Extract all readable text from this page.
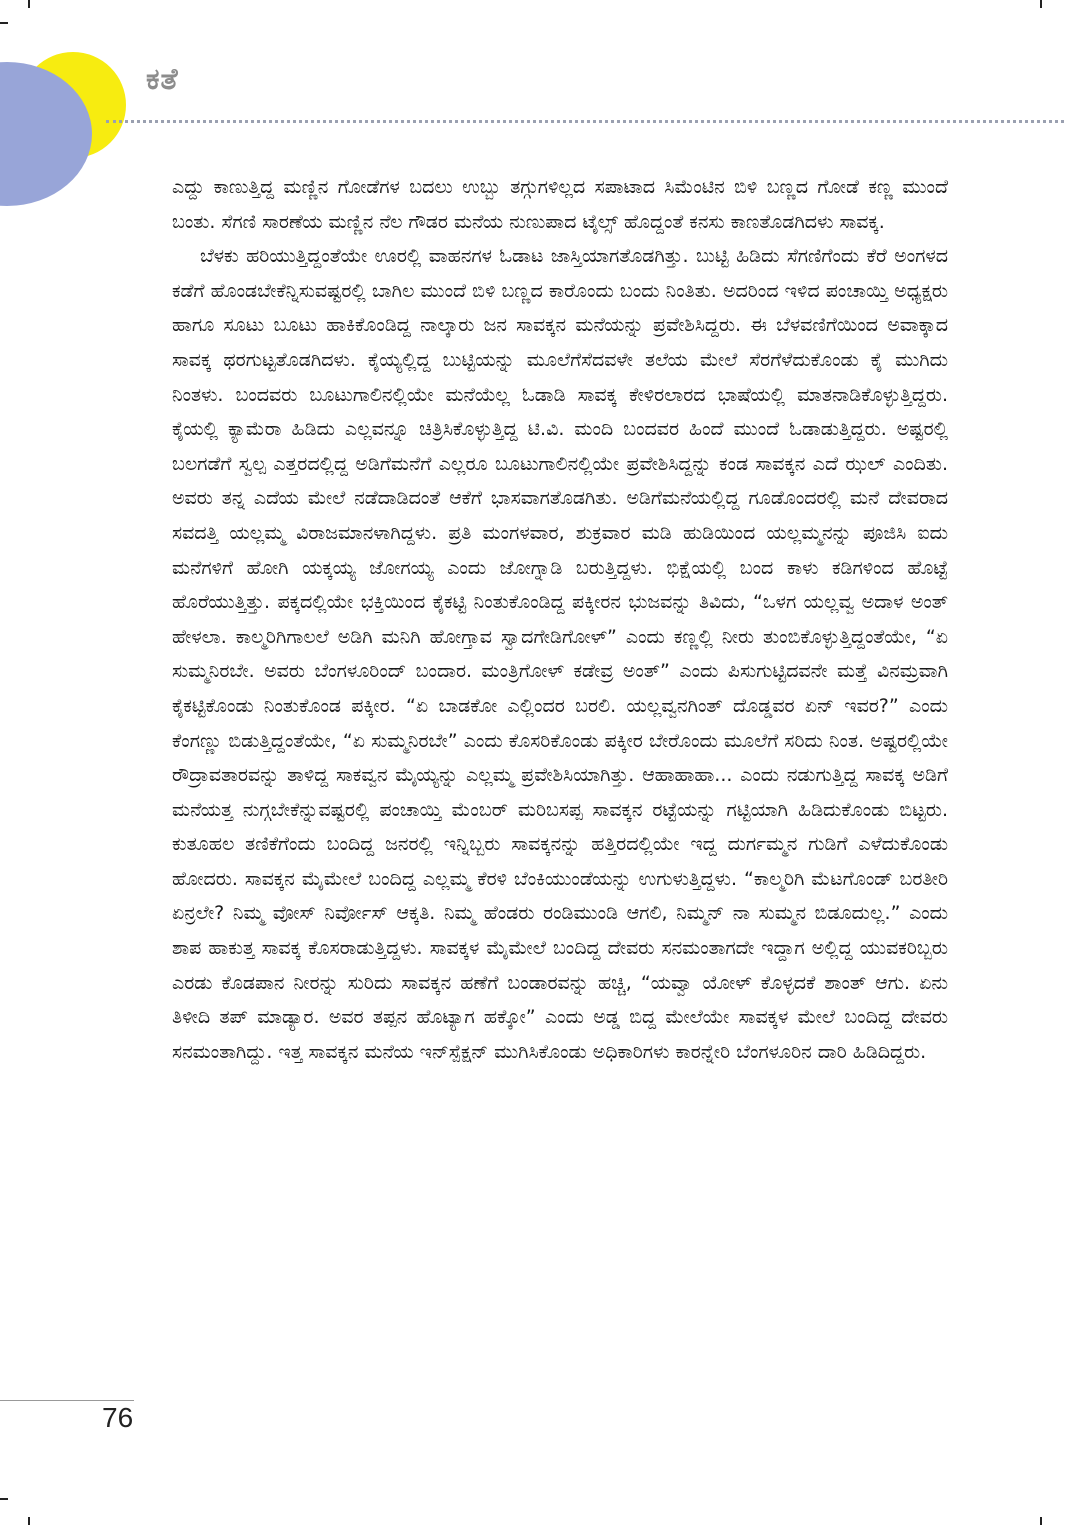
ಕತೆ

ಎದ್ದು ಕಾಣುತ್ತಿದ್ದ ಮಣ್ಣಿನ ಗೋಡೆಗಳ ಬದಲು ಉಬ್ಬು ತಗ್ಗುಗಳಿಲ್ಲದ ಸಪಾಟಾದ ಸಿಮೆಂಟಿನ ಬಿಳಿ ಬಣ್ಣದ ಗೋಡೆ ಕಣ್ಣ ಮುಂದೆ ಬಂತು. ಸೆಗಣಿ ಸಾರಣೆಯ ಮಣ್ಣಿನ ನೆಲ ಗೌಡರ ಮನೆಯ ನುಣುಪಾದ ಟೈಲ್ಸ್ ಹೊದ್ದಂತೆ ಕನಸು ಕಾಣತೊಡಗಿದಳು ಸಾವಕ್ಕ.

ಬೆಳಕು ಹರಿಯುತ್ತಿದ್ದಂತೆಯೇ ಊರಲ್ಲಿ ವಾಹನಗಳ ಓಡಾಟ ಜಾಸ್ತಿಯಾಗತೊಡಗಿತ್ತು. ಬುಟ್ಟಿ ಹಿಡಿದು ಸೆಗಣಿಗೆಂದು ಕೆರೆ ಅಂಗಳದ ಕಡೆಗೆ ಹೊಂಡಬೇಕೆನ್ನಿಸುವಷ್ಟರಲ್ಲಿ ಬಾಗಿಲ ಮುಂದೆ ಬಿಳಿ ಬಣ್ಣದ ಕಾರೊಂದು ಬಂದು ನಿಂತಿತು. ಅದರಿಂದ ಇಳಿದ ಪಂಚಾಯ್ತಿ ಅಧ್ಯಕ್ಷರು ಹಾಗೂ ಸೂಟು ಬೂಟು ಹಾಕಿಕೊಂಡಿದ್ದ ನಾಲ್ಕಾರು ಜನ ಸಾವಕ್ಕನ ಮನೆಯನ್ನು ಪ್ರವೇಶಿಸಿದ್ದರು. ಈ ಬೆಳವಣಿಗೆಯಿಂದ ಅವಾಕ್ಕಾದ ಸಾವಕ್ಕ ಥರಗುಟ್ಟತೊಡಗಿದಳು. ಕೈಯ್ಯಲ್ಲಿದ್ದ ಬುಟ್ಟಿಯನ್ನು ಮೂಲೆಗೆಸೆದವಳೇ ತಲೆಯ ಮೇಲೆ ಸೆರಗೆಳೆದುಕೊಂಡು ಕೈ ಮುಗಿದು ನಿಂತಳು. ಬಂದವರು ಬೂಟುಗಾಲಿನಲ್ಲಿಯೇ ಮನೆಯೆಲ್ಲ ಓಡಾಡಿ ಸಾವಕ್ಕ ಕೇಳಿರಲಾರದ ಭಾಷೆಯಲ್ಲಿ ಮಾತನಾಡಿಕೊಳ್ಳುತ್ತಿದ್ದರು. ಕೈಯಲ್ಲಿ ಕ್ಯಾಮೆರಾ ಹಿಡಿದು ಎಲ್ಲವನ್ನೂ ಚಿತ್ರಿಸಿಕೊಳ್ಳುತ್ತಿದ್ದ ಟಿ.ವಿ. ಮಂದಿ ಬಂದವರ ಹಿಂದೆ ಮುಂದೆ ಓಡಾಡುತ್ತಿದ್ದರು. ಅಷ್ಟರಲ್ಲಿ ಬಲಗಡೆಗೆ ಸ್ವಲ್ಪ ಎತ್ತರದಲ್ಲಿದ್ದ ಅಡಿಗೆಮನೆಗೆ ಎಲ್ಲರೂ ಬೂಟುಗಾಲಿನಲ್ಲಿಯೇ ಪ್ರವೇಶಿಸಿದ್ದನ್ನು ಕಂಡ ಸಾವಕ್ಕನ ಎದೆ ಝಲ್ ಎಂದಿತು. ಅವರು ತನ್ನ ಎದೆಯ ಮೇಲೆ ನಡೆದಾಡಿದಂತೆ ಆಕೆಗೆ ಭಾಸವಾಗತೊಡಗಿತು. ಅಡಿಗೆಮನೆಯಲ್ಲಿದ್ದ ಗೂಡೊಂದರಲ್ಲಿ ಮನೆ ದೇವರಾದ ಸವದತ್ತಿ ಯಲ್ಲಮ್ಮ ವಿರಾಜಮಾನಳಾಗಿದ್ದಳು. ಪ್ರತಿ ಮಂಗಳವಾರ, ಶುಕ್ರವಾರ ಮಡಿ ಹುಡಿಯಿಂದ ಯಲ್ಲಮ್ಮನನ್ನು ಪೂಜಿಸಿ ಐದು ಮನೆಗಳಿಗೆ ಹೋಗಿ ಯಕ್ಕಯ್ಯ ಜೋಗಯ್ಯ ಎಂದು ಜೋಗ್ನಾಡಿ ಬರುತ್ತಿದ್ದಳು. ಭಿಕ್ಷೆಯಲ್ಲಿ ಬಂದ ಕಾಳು ಕಡಿಗಳಿಂದ ಹೊಟ್ಟೆ ಹೊರೆಯುತ್ತಿತ್ತು. ಪಕ್ಕದಲ್ಲಿಯೇ ಭಕ್ತಿಯಿಂದ ಕೈಕಟ್ಟಿ ನಿಂತುಕೊಂಡಿದ್ದ ಪಕ್ಕೀರನ ಭುಜವನ್ನು ತಿವಿದು, “ಒಳಗ ಯಲ್ಲವ್ವ ಅದಾಳ ಅಂತ್ ಹೇಳಲಾ. ಕಾಲ್ಮರಿಗಿಗಾಲಲೆ ಅಡಿಗಿ ಮನಿಗಿ ಹೋಗ್ತಾವ ಸ್ವಾದಗೇಡಿಗೋಳ್” ಎಂದು ಕಣ್ಣಲ್ಲಿ ನೀರು ತುಂಬಿಕೊಳ್ಳುತ್ತಿದ್ದಂತೆಯೇ, “ಏ ಸುಮ್ಮನಿರಬೇ. ಅವರು ಬೆಂಗಳೂರಿಂದ್ ಬಂದಾರ. ಮಂತ್ರಿಗೋಳ್ ಕಡೇವ್ರ ಅಂತ್” ಎಂದು ಪಿಸುಗುಟ್ಟಿದವನೇ ಮತ್ತೆ ವಿನಮ್ರವಾಗಿ ಕೈಕಟ್ಟಿಕೊಂಡು ನಿಂತುಕೊಂಡ ಪಕ್ಕೀರ. “ಏ ಬಾಡಕೋ ಎಲ್ಲಿಂದರ ಬರಲಿ. ಯಲ್ಲವ್ವನಗಿಂತ್ ದೊಡ್ಡವರ ಏನ್ ಇವರ?” ಎಂದು ಕೆಂಗಣ್ಣು ಬಿಡುತ್ತಿದ್ದಂತೆಯೇ, “ಏ ಸುಮ್ಮನಿರಬೇ” ಎಂದು ಕೊಸರಿಕೊಂಡು ಪಕ್ಕೀರ ಬೇರೊಂದು ಮೂಲೆಗೆ ಸರಿದು ನಿಂತ. ಅಷ್ಟರಲ್ಲಿಯೇ ರೌದ್ರಾವತಾರವನ್ನು ತಾಳಿದ್ದ ಸಾಕವ್ವನ ಮೈಯ್ಯನ್ನು ಎಲ್ಲಮ್ಮ ಪ್ರವೇಶಿಸಿಯಾಗಿತ್ತು. ಆಹಾಹಾಹಾ... ಎಂದು ನಡುಗುತ್ತಿದ್ದ ಸಾವಕ್ಕ ಅಡಿಗೆ ಮನೆಯತ್ತ ನುಗ್ಗಬೇಕೆನ್ನುವಷ್ಟರಲ್ಲಿ ಪಂಚಾಯ್ತಿ ಮೆಂಬರ್ ಮರಿಬಸಪ್ಪ ಸಾವಕ್ಕನ ರಟ್ಟೆಯನ್ನು ಗಟ್ಟಿಯಾಗಿ ಹಿಡಿದುಕೊಂಡು ಬಿಟ್ಟರು. ಕುತೂಹಲ ತಣಿಕೆಗೆಂದು ಬಂದಿದ್ದ ಜನರಲ್ಲಿ ಇನ್ನಿಬ್ಬರು ಸಾವಕ್ಕನನ್ನು ಹತ್ತಿರದಲ್ಲಿಯೇ ಇದ್ದ ದುರ್ಗಮ್ಮನ ಗುಡಿಗೆ ಎಳೆದುಕೊಂಡು ಹೋದರು. ಸಾವಕ್ಕನ ಮೈಮೇಲೆ ಬಂದಿದ್ದ ಎಲ್ಲಮ್ಮ ಕೆರಳಿ ಬೆಂಕಿಯುಂಡೆಯನ್ನು ಉಗುಳುತ್ತಿದ್ದಳು. “ಕಾಲ್ಮರಿಗಿ ಮೆಟಗೊಂಡ್ ಬರತೀರಿ ಏನ್ರಲೇ? ನಿಮ್ಮ ವೋಸ್ ನಿರ್ವೋಸ್ ಆಕ್ಕತಿ. ನಿಮ್ಮ ಹೆಂಡರು ರಂಡಿಮುಂಡಿ ಆಗಲಿ, ನಿಮ್ಮನ್ ನಾ ಸುಮ್ಮನ ಬಿಡೂದುಲ್ಲ.” ಎಂದು ಶಾಪ ಹಾಕುತ್ತ ಸಾವಕ್ಕ ಕೊಸರಾಡುತ್ತಿದ್ದಳು. ಸಾವಕ್ಕಳ ಮೈಮೇಲೆ ಬಂದಿದ್ದ ದೇವರು ಸನಮಂತಾಗದೇ ಇದ್ದಾಗ ಅಲ್ಲಿದ್ದ ಯುವಕರಿಬ್ಬರು ಎರಡು ಕೊಡಪಾನ ನೀರನ್ನು ಸುರಿದು ಸಾವಕ್ಕನ ಹಣೆಗೆ ಬಂಡಾರವನ್ನು ಹಚ್ಚಿ, “ಯವ್ವಾ ಯೋಳ್ ಕೊಳ್ಳದಕೆ ಶಾಂತ್ ಆಗು. ಏನು ತಿಳೀದಿ ತಪ್ ಮಾಡ್ಯಾರ. ಅವರ ತಪ್ಪನ ಹೊಟ್ಯಾಗ ಹಕ್ಕೋ” ಎಂದು ಅಡ್ಡ ಬಿದ್ದ ಮೇಲೆಯೇ ಸಾವಕ್ಕಳ ಮೇಲೆ ಬಂದಿದ್ದ ದೇವರು ಸನಮಂತಾಗಿದ್ದು. ಇತ್ತ ಸಾವಕ್ಕನ ಮನೆಯ ಇನ್‌ಸ್ಪೆಕ್ಷನ್ ಮುಗಿಸಿಕೊಂಡು ಅಧಿಕಾರಿಗಳು ಕಾರನ್ನೇರಿ ಬೆಂಗಳೂರಿನ ದಾರಿ ಹಿಡಿದಿದ್ದರು.

76
